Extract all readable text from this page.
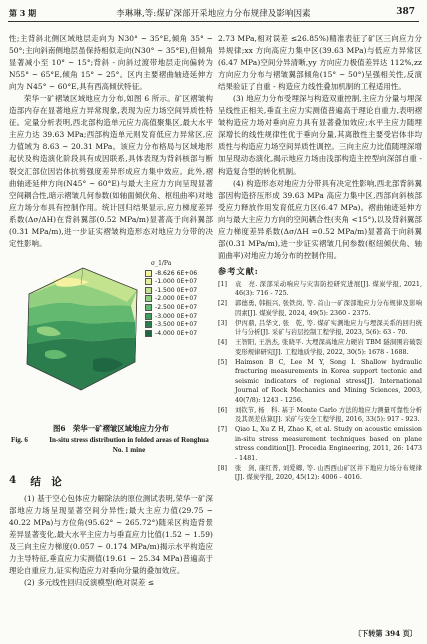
第 3 期	李琳琳,等:煤矿深部开采地应力分布规律及影响因素	387

性;主背斜北侧区域地层走向为 N30° ~ 35°E,倾角 35° ~ 50°;主向斜南侧地层虽保持相似走向(N30° ~ 35°E),但倾角显著减小至 10° ~ 15°;背斜 - 向斜过渡带地层走向偏转为 N55° ~ 65°E,倾角 15° ~ 25°。区内主要褶曲轴迹延伸方向为 N45° ~ 60°E,具有西高倾伏特征。

荣华一矿褶皱区域地应力分布,如图 6 所示。矿区褶皱构造部内存在显著地应力异常现象,表现为应力场空间异质性特征。定量分析表明,西北部构造单元应力高值聚集区,最大水平主应力达 39.63 MPa;西部构造单元则发育低应力异常区,应力值域为 8.63 ~ 20.31 MPa。该应力分布格局与区域地形起伏及构造演化阶段具有成因联系,具体表现为背斜核部与断裂交汇部位因岩体抗剪强度差异形成应力集中效应。此外,褶曲轴迹延伸方向(N45° ~ 60°E)与最大主应力方向呈现显著空间耦合性,暗示褶皱几何参数(如轴面倾伏角、枢纽曲率)对地应力场分布具有控制作用。统计回归结果显示,应力梯度差异系数(Δσ/ΔH)在背斜翼部(0.52 MPa/m)显著高于向斜翼部(0.31 MPa/m),进一步证实褶皱构造形态对地应力分带的决定性影响。

σ_1/Pa
-8.626 6E+06
-1.000 0E+07
-1.500 0E+07
-2.000 0E+07
-2.500 0E+07
-3.000 0E+07
-3.500 0E+07
-4.000 0E+07
图6　荣华一矿褶皱区域地应力分布
Fig. 6	In-situ stress distribution in folded areas of Ronghua No. 1 mine
4 结　论

(1) 基于空心包体应力解除法的原位测试表明,荣华一矿深部地应力场呈现显著空间分异性;最大主应力值(29.75 ~ 40.22 MPa)与方位角(95.62° ~ 265.72°)随采区构造背景差异显著变化,最大水平主应力与垂直应力比值(1.52 ~ 1.59)及三向主应力梯度(0.057 ~ 0.174 MPa/m)揭示水平构造应力主导特征,垂直应力实测值(19.61 ~ 25.34 MPa)普遍高于理论自重应力,证实构造应力对垂向分量的叠加效应。

(2) 多元线性回归反演模型(绝对误差 ≤

2.73 MPa,相对误差 ≤26.85%)精准表征了矿区三向应力分异规律;xx 方向高应力集中区(39.63 MPa)与低应力异常区(6.47 MPa)空间分异清晰,yy 方向应力极值差异达 112%,zz 方向应力分布与褶皱翼部倾角(15° ~ 50°)呈强相关性,反演结果验证了自重 - 构造应力线性叠加机制的工程适用性。

(3) 地应力分布受埋深与构造双重控制,主应力分量与埋深呈线性正相关,垂直主应力实测值普遍高于理论自重力,表明褶皱构造应力场对垂向应力具有显著叠加效应;水平主应力随埋深增长的线性规律性优于垂向分量,其离散性主要受岩体非均质性与构造应力场空间异质性调控。三向主应力比值随埋深增加呈现动态演化,揭示地应力场由浅部构造主控型向深部自重 - 构造复合型的转化机制。

(4) 构造形态对地应力分带具有决定性影响,西北部背斜翼部因构造挤压形成 39.63 MPa 高应力集中区,西部向斜核部受应力释放作用发育低应力区(6.47 MPa)。褶曲轴迹延伸方向与最大主应力方向的空间耦合性(夹角 <15°),以及背斜翼部应力梯度差异系数(Δσ/ΔH =0.52 MPa/m)显著高于向斜翼部(0.31 MPa/m),进一步证实褶皱几何参数(枢纽倾伏角、轴面曲率)对地应力场分布的控制作用。

参考文献:
[1]	袁　亮. 深部采动响应与灾害防控研究进展[J]. 煤炭学报, 2021, 46(3): 716 - 725.
[2]	郭德勇, 韩振兴, 张铁岗, 等. 首山一矿深部地应力分布规律及影响因素[J]. 煤炭学报, 2024, 49(5): 2360 - 2375.
[3]	伊丙鼎, 吕华文, 张　乾, 等. 煤矿实测地应力与埋深关系的回归统计与分析[J]. 采矿与岩层控制工程学报, 2023, 5(6): 63 - 70.
[4]	王智阳, 王浩杰, 张晓平. 大埋深高地应力硬岩 TBM 隧洞围岩破裂变形规律研究[J]. 工程地质学报, 2022, 30(5): 1678 - 1688.
[5]	Haimson B C, Lee M Y, Song I. Shallow hydraulic fracturing measurements in Korea support tectonic and seismic indicators of regional stress[J]. International Journal of Rock Mechanics and Mining Sciences, 2003, 40(7/8): 1243 - 1256.
[6]	刘钦节, 杨　科. 基于 Monte Carlo 方法的地应力测量可靠性分析及其误差估算[J]. 采矿与安全工程学报, 2016, 33(5): 917 - 923.
[7]	Qiao L, Xu Z H, Zhao K, et al. Study on acoustic emission in-situ stress measurement techniques based on plane stress condition[J]. Procedia Engineering, 2011, 26: 1473 - 1481.
[8]	张　剑, 康红普, 刘爱卿, 等. 山西西山矿区井下地应力场分布规律[J]. 煤炭学报, 2020, 45(12): 4006 - 4016.
〔下转第 394 页〕
